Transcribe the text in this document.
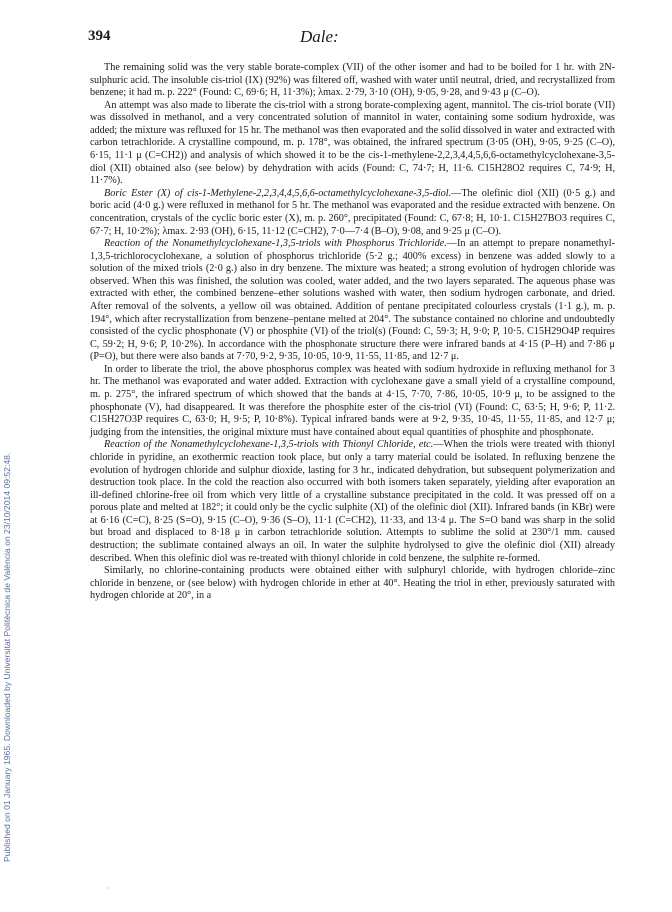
394	Dale:
Published on 01 January 1965. Downloaded by Universitat Politècnica de València on 23/10/2014 09:52:48.

The remaining solid was the very stable borate-complex (VII) of the other isomer and had to be boiled for 1 hr. with 2N-sulphuric acid. The insoluble cis-triol (IX) (92%) was filtered off, washed with water until neutral, dried, and recrystallized from benzene; it had m. p. 222° (Found: C, 69·6; H, 11·3%); λmax. 2·79, 3·10 (OH), 9·05, 9·28, and 9·43 μ (C–O).

An attempt was also made to liberate the cis-triol with a strong borate-complexing agent, mannitol. The cis-triol borate (VII) was dissolved in methanol, and a very concentrated solution of mannitol in water, containing some sodium hydroxide, was added; the mixture was refluxed for 15 hr. The methanol was then evaporated and the solid dissolved in water and extracted with carbon tetrachloride. A crystalline compound, m. p. 178°, was obtained, the infrared spectrum (3·05 (OH), 9·05, 9·25 (C–O), 6·15, 11·1 μ (C=CH2)) and analysis of which showed it to be the cis-1-methylene-2,2,3,4,4,5,6,6-octamethylcyclohexane-3,5-diol (XII) obtained also (see below) by dehydration with acids (Found: C, 74·7; H, 11·6. C15H28O2 requires C, 74·9; H, 11·7%).

Boric Ester (X) of cis-1-Methylene-2,2,3,4,4,5,6,6-octamethylcyclohexane-3,5-diol.—The olefinic diol (XII) (0·5 g.) and boric acid (4·0 g.) were refluxed in methanol for 5 hr. The methanol was evaporated and the residue extracted with benzene. On concentration, crystals of the cyclic boric ester (X), m. p. 260°, precipitated (Found: C, 67·8; H, 10·1. C15H27BO3 requires C, 67·7; H, 10·2%); λmax. 2·93 (OH), 6·15, 11·12 (C=CH2), 7·0—7·4 (B–O), 9·08, and 9·25 μ (C–O).

Reaction of the Nonamethylcyclohexane-1,3,5-triols with Phosphorus Trichloride.—In an attempt to prepare nonamethyl-1,3,5-trichlorocyclohexane, a solution of phosphorus trichloride (5·2 g.; 400% excess) in benzene was added slowly to a solution of the mixed triols (2·0 g.) also in dry benzene. The mixture was heated; a strong evolution of hydrogen chloride was observed. When this was finished, the solution was cooled, water added, and the two layers separated. The aqueous phase was extracted with ether, the combined benzene–ether solutions washed with water, then sodium hydrogen carbonate, and dried. After removal of the solvents, a yellow oil was obtained. Addition of pentane precipitated colourless crystals (1·1 g.), m. p. 194°, which after recrystallization from benzene–pentane melted at 204°. The substance contained no chlorine and undoubtedly consisted of the cyclic phosphonate (V) or phosphite (VI) of the triol(s) (Found: C, 59·3; H, 9·0; P, 10·5. C15H29O4P requires C, 59·2; H, 9·6; P, 10·2%). In accordance with the phosphonate structure there were infrared bands at 4·15 (P–H) and 7·86 μ (P=O), but there were also bands at 7·70, 9·2, 9·35, 10·05, 10·9, 11·55, 11·85, and 12·7 μ.

In order to liberate the triol, the above phosphorus complex was heated with sodium hydroxide in refluxing methanol for 3 hr. The methanol was evaporated and water added. Extraction with cyclohexane gave a small yield of a crystalline compound, m. p. 275°, the infrared spectrum of which showed that the bands at 4·15, 7·70, 7·86, 10·05, 10·9 μ, to be assigned to the phosphonate (V), had disappeared. It was therefore the phosphite ester of the cis-triol (VI) (Found: C, 63·5; H, 9·6; P, 11·2. C15H27O3P requires C, 63·0; H, 9·5; P, 10·8%). Typical infrared bands were at 9·2, 9·35, 10·45, 11·55, 11·85, and 12·7 μ; judging from the intensities, the original mixture must have contained about equal quantities of phosphite and phosphonate.

Reaction of the Nonamethylcyclohexane-1,3,5-triols with Thionyl Chloride, etc.—When the triols were treated with thionyl chloride in pyridine, an exothermic reaction took place, but only a tarry material could be isolated. In refluxing benzene the evolution of hydrogen chloride and sulphur dioxide, lasting for 3 hr., indicated dehydration, but subsequent polymerization and destruction took place. In the cold the reaction also occurred with both isomers taken separately, yielding after evaporation an ill-defined chlorine-free oil from which very little of a crystalline substance precipitated in the cold. It was pressed off on a porous plate and melted at 182°; it could only be the cyclic sulphite (XI) of the olefinic diol (XII). Infrared bands (in KBr) were at 6·16 (C=C), 8·25 (S=O), 9·15 (C–O), 9·36 (S–O), 11·1 (C=CH2), 11·33, and 13·4 μ. The S=O band was sharp in the solid but broad and displaced to 8·18 μ in carbon tetrachloride solution. Attempts to sublime the solid at 230°/1 mm. caused destruction; the sublimate contained always an oil. In water the sulphite hydrolysed to give the olefinic diol (XII) already described. When this olefinic diol was re-treated with thionyl chloride in cold benzene, the sulphite re-formed.

Similarly, no chlorine-containing products were obtained either with sulphuryl chloride, with hydrogen chloride–zinc chloride in benzene, or (see below) with hydrogen chloride in ether at 40°. Heating the triol in ether, previously saturated with hydrogen chloride at 20°, in a

·
